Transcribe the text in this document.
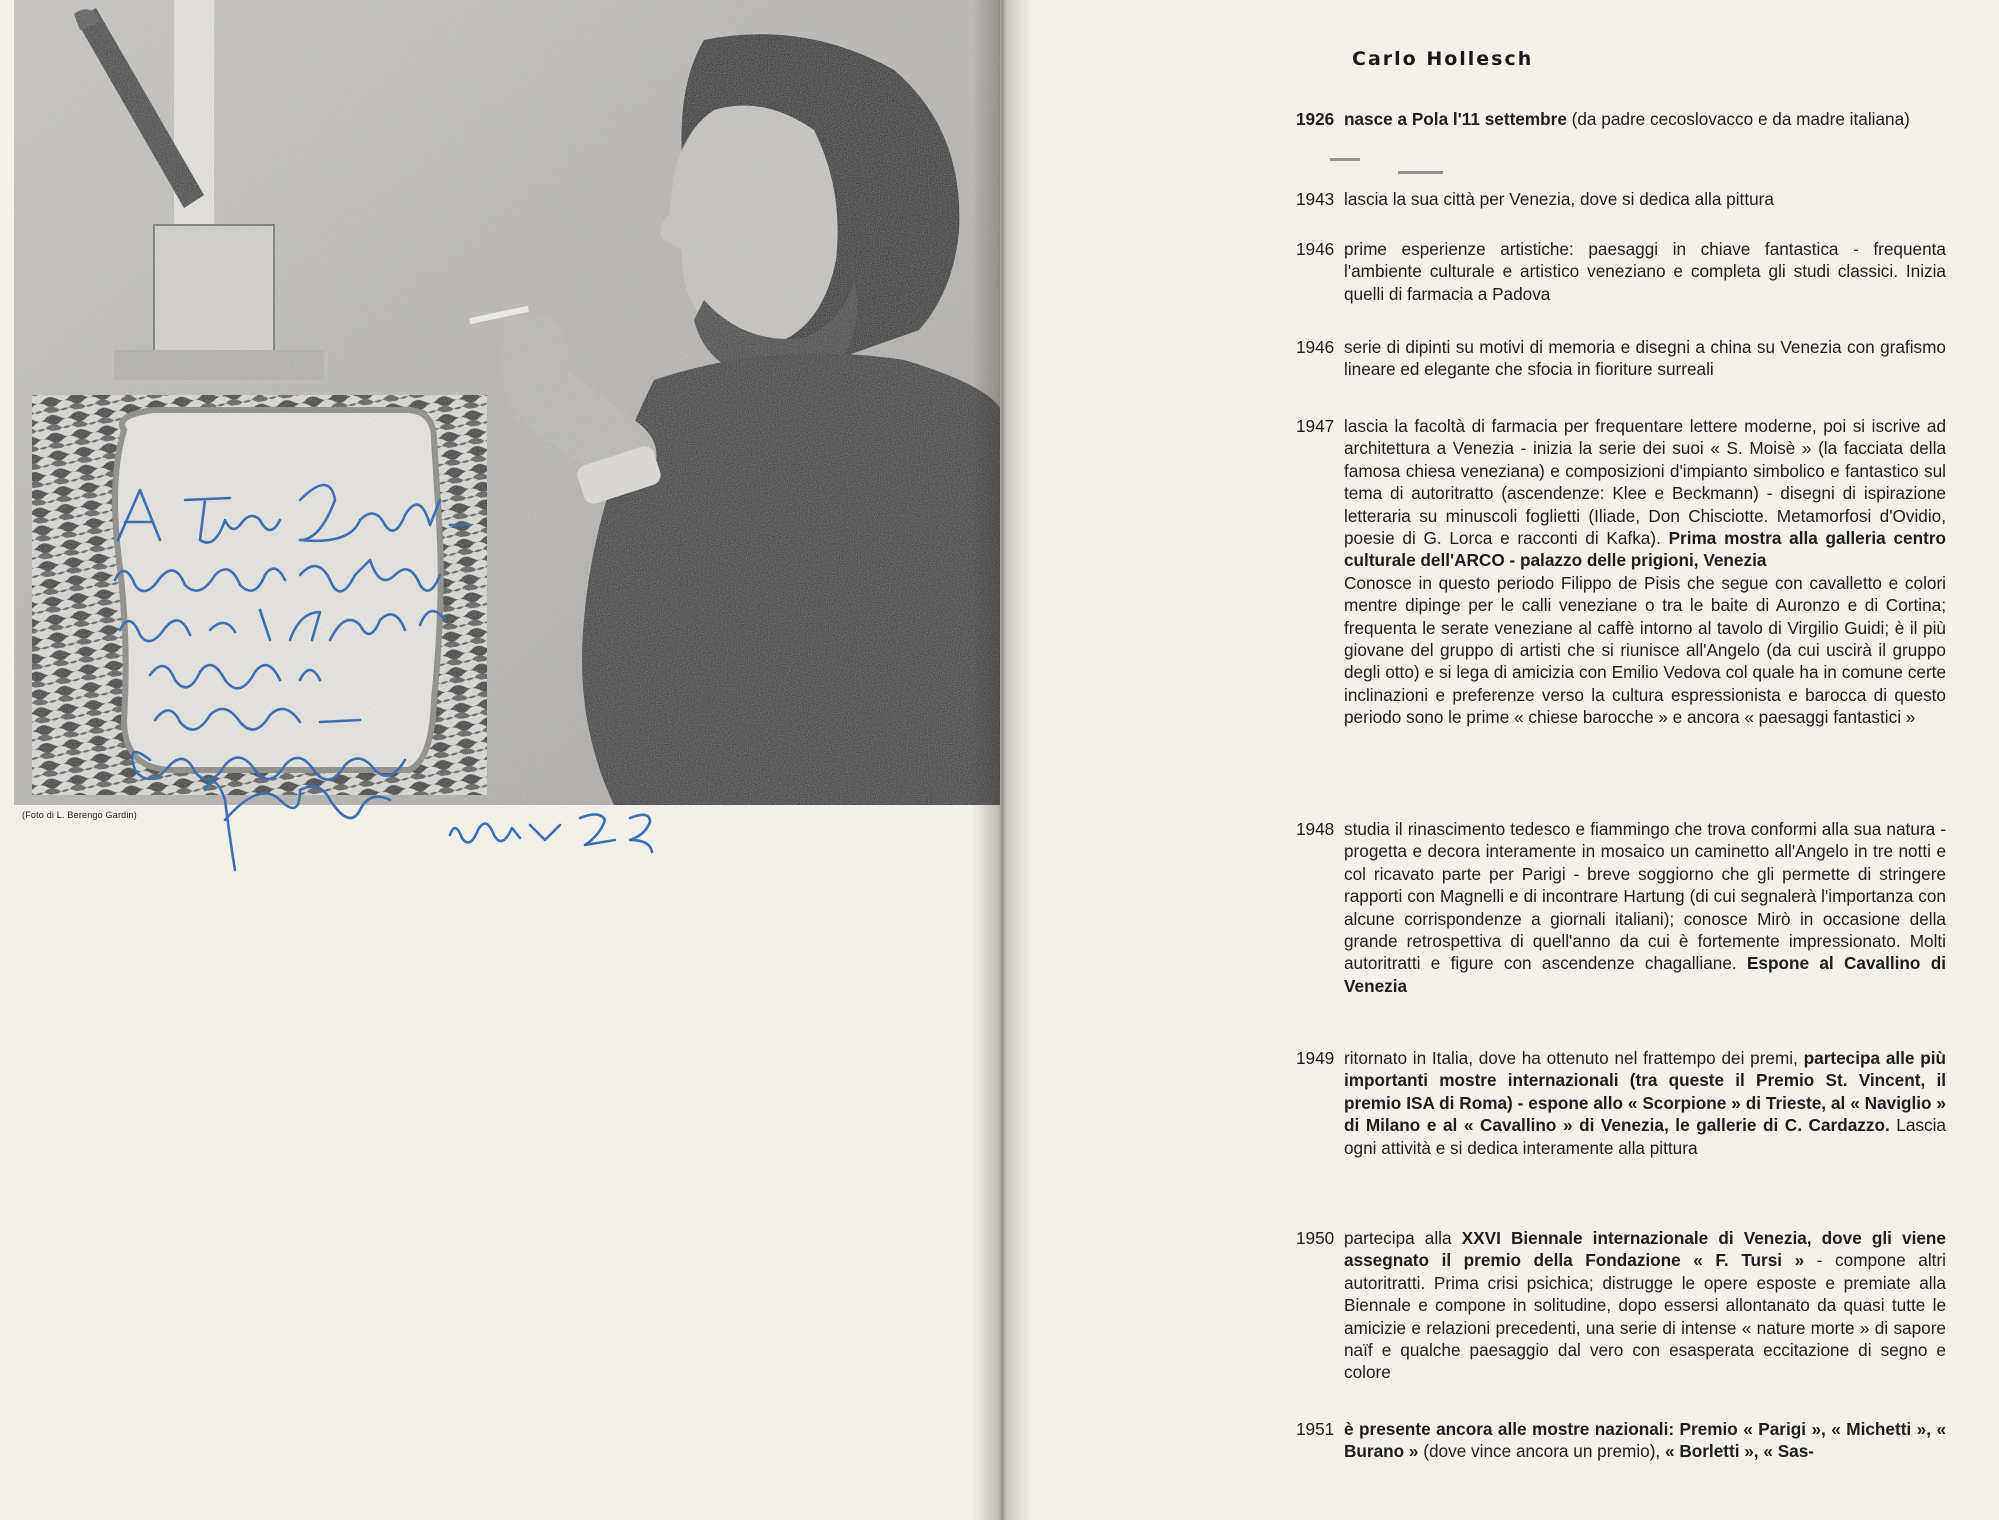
(Foto di L. Berengo Gardin)
Carlo Hollesch
1926 nasce a Pola l'11 settembre (da padre cecoslovacco e da madre italiana)
1943 lascia la sua città per Venezia, dove si dedica alla pittura
1946 prime esperienze artistiche: paesaggi in chiave fantastica - frequenta l'ambiente culturale e artistico veneziano e completa gli studi classici. Inizia quelli di farmacia a Padova
1946 serie di dipinti su motivi di memoria e disegni a china su Venezia con grafismo lineare ed elegante che sfocia in fioriture surreali
1947 lascia la facoltà di farmacia per frequentare lettere moderne, poi si iscrive ad architettura a Venezia - inizia la serie dei suoi « S. Moisè » (la facciata della famosa chiesa veneziana) e composizioni d'impianto simbolico e fantastico sul tema di autoritratto (ascendenze: Klee e Beckmann) - disegni di ispirazione letteraria su minuscoli foglietti (Iliade, Don Chisciotte. Metamorfosi d'Ovidio, poesie di G. Lorca e racconti di Kafka). Prima mostra alla galleria centro culturale dell'ARCO - palazzo delle prigioni, Venezia
Conosce in questo periodo Filippo de Pisis che segue con cavalletto e colori mentre dipinge per le calli veneziane o tra le baite di Auronzo e di Cortina; frequenta le serate veneziane al caffè intorno al tavolo di Virgilio Guidi; è il più giovane del gruppo di artisti che si riunisce all'Angelo (da cui uscirà il gruppo degli otto) e si lega di amicizia con Emilio Vedova col quale ha in comune certe inclinazioni e preferenze verso la cultura espressionista e barocca di questo periodo sono le prime « chiese barocche » e ancora « paesaggi fantastici »
1948 studia il rinascimento tedesco e fiammingo che trova conformi alla sua natura - progetta e decora interamente in mosaico un caminetto all'Angelo in tre notti e col ricavato parte per Parigi - breve soggiorno che gli permette di stringere rapporti con Magnelli e di incontrare Hartung (di cui segnalerà l'importanza con alcune corrispondenze a giornali italiani); conosce Mirò in occasione della grande retrospettiva di quell'anno da cui è fortemente impressionato. Molti autoritratti e figure con ascendenze chagalliane. Espone al Cavallino di Venezia
1949 ritornato in Italia, dove ha ottenuto nel frattempo dei premi, partecipa alle più importanti mostre internazionali (tra queste il Premio St. Vincent, il premio ISA di Roma) - espone allo « Scorpione » di Trieste, al « Naviglio » di Milano e al « Cavallino » di Venezia, le gallerie di C. Cardazzo. Lascia ogni attività e si dedica interamente alla pittura
1950 partecipa alla XXVI Biennale internazionale di Venezia, dove gli viene assegnato il premio della Fondazione « F. Tursi » - compone altri autoritratti. Prima crisi psichica; distrugge le opere esposte e premiate alla Biennale e compone in solitudine, dopo essersi allontanato da quasi tutte le amicizie e relazioni precedenti, una serie di intense « nature morte » di sapore naïf e qualche paesaggio dal vero con esasperata eccitazione di segno e colore
1951 è presente ancora alle mostre nazionali: Premio « Parigi », « Michetti », « Burano » (dove vince ancora un premio), « Borletti », « Sas-
